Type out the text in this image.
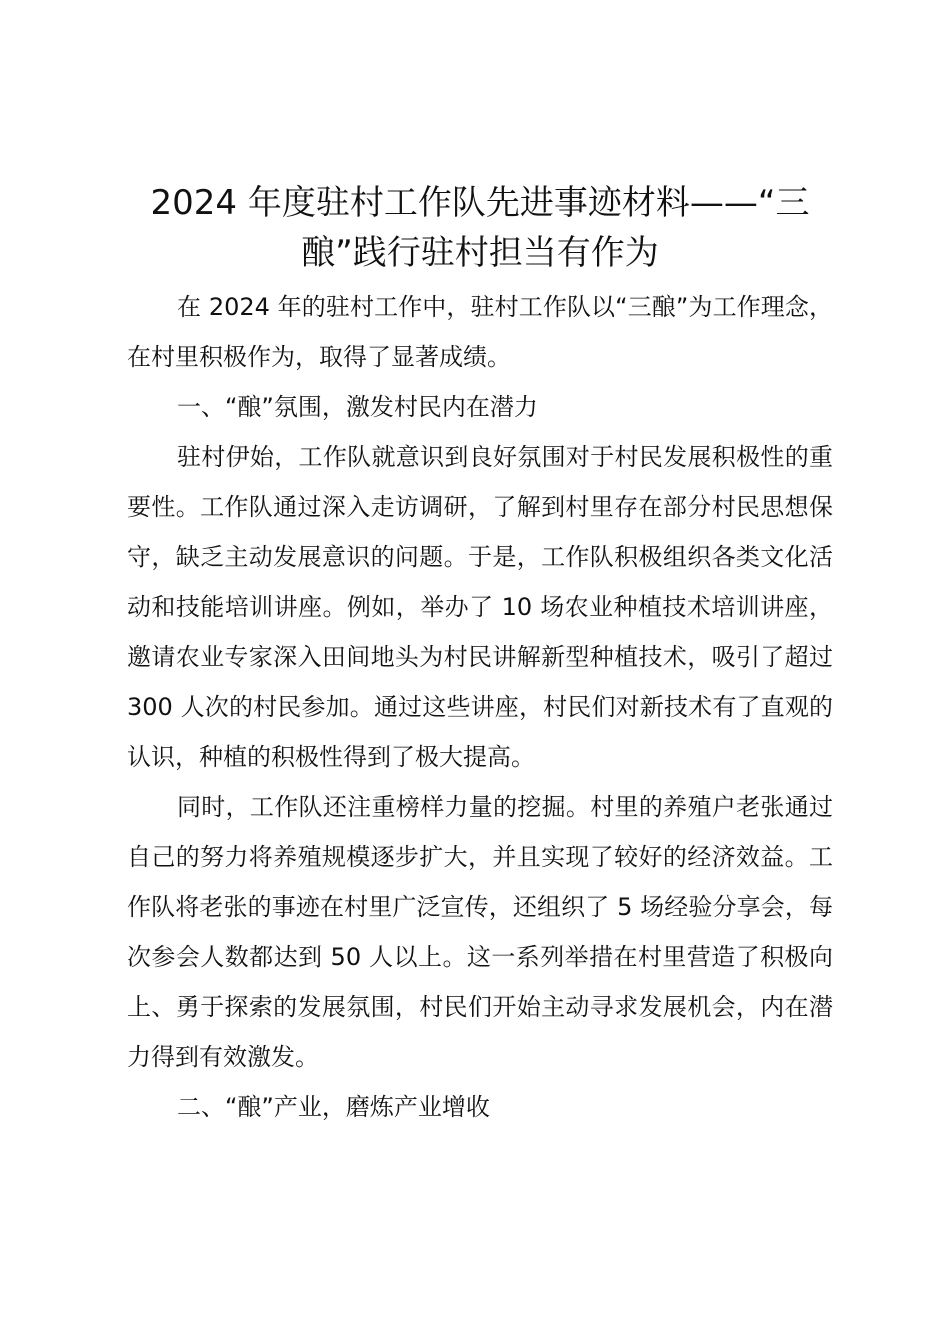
2024 年度驻村工作队先进事迹材料——“三酿”践行驻村担当有作为

在 2024 年的驻村工作中，驻村工作队以“三酿”为工作理念，在村里积极作为，取得了显著成绩。

一、“酿”氛围，激发村民内在潜力

驻村伊始，工作队就意识到良好氛围对于村民发展积极性的重要性。工作队通过深入走访调研，了解到村里存在部分村民思想保守，缺乏主动发展意识的问题。于是，工作队积极组织各类文化活动和技能培训讲座。例如，举办了 10 场农业种植技术培训讲座，邀请农业专家深入田间地头为村民讲解新型种植技术，吸引了超过 300 人次的村民参加。通过这些讲座，村民们对新技术有了直观的认识，种植的积极性得到了极大提高。

同时，工作队还注重榜样力量的挖掘。村里的养殖户老张通过自己的努力将养殖规模逐步扩大，并且实现了较好的经济效益。工作队将老张的事迹在村里广泛宣传，还组织了 5 场经验分享会，每次参会人数都达到 50 人以上。这一系列举措在村里营造了积极向上、勇于探索的发展氛围，村民们开始主动寻求发展机会，内在潜力得到有效激发。

二、“酿”产业，磨炼产业增收
